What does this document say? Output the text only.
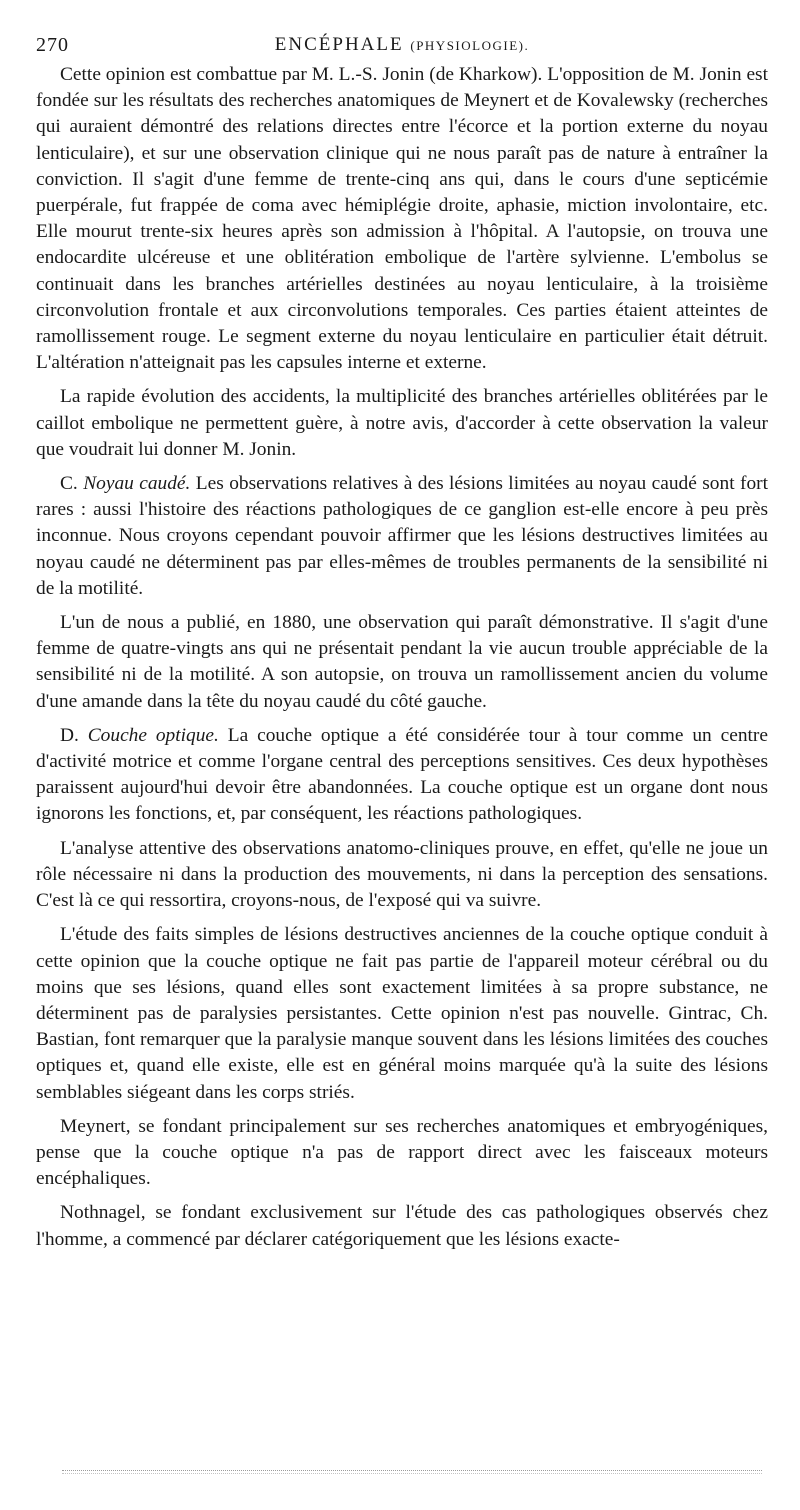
270	ENCÉPHALE (PHYSIOLOGIE).

Cette opinion est combattue par M. L.-S. Jonin (de Kharkow). L'opposition de M. Jonin est fondée sur les résultats des recherches anatomiques de Meynert et de Kovalewsky (recherches qui auraient démontré des relations directes entre l'écorce et la portion externe du noyau lenticulaire), et sur une observation clinique qui ne nous paraît pas de nature à entraîner la conviction. Il s'agit d'une femme de trente-cinq ans qui, dans le cours d'une septicémie puerpérale, fut frappée de coma avec hémiplégie droite, aphasie, miction involontaire, etc. Elle mourut trente-six heures après son admission à l'hôpital. A l'autopsie, on trouva une endocardite ulcéreuse et une oblitération embolique de l'artère sylvienne. L'embolus se continuait dans les branches artérielles destinées au noyau lenticulaire, à la troisième circonvolution frontale et aux circonvolutions temporales. Ces parties étaient atteintes de ramollissement rouge. Le segment externe du noyau lenticulaire en particulier était détruit. L'altération n'atteignait pas les capsules interne et externe.

La rapide évolution des accidents, la multiplicité des branches artérielles oblitérées par le caillot embolique ne permettent guère, à notre avis, d'accorder à cette observation la valeur que voudrait lui donner M. Jonin.

C. Noyau caudé. Les observations relatives à des lésions limitées au noyau caudé sont fort rares : aussi l'histoire des réactions pathologiques de ce ganglion est-elle encore à peu près inconnue. Nous croyons cependant pouvoir affirmer que les lésions destructives limitées au noyau caudé ne déterminent pas par elles-mêmes de troubles permanents de la sensibilité ni de la motilité.

L'un de nous a publié, en 1880, une observation qui paraît démonstrative. Il s'agit d'une femme de quatre-vingts ans qui ne présentait pendant la vie aucun trouble appréciable de la sensibilité ni de la motilité. A son autopsie, on trouva un ramollissement ancien du volume d'une amande dans la tête du noyau caudé du côté gauche.

D. Couche optique. La couche optique a été considérée tour à tour comme un centre d'activité motrice et comme l'organe central des perceptions sensitives. Ces deux hypothèses paraissent aujourd'hui devoir être abandonnées. La couche optique est un organe dont nous ignorons les fonctions, et, par conséquent, les réactions pathologiques.

L'analyse attentive des observations anatomo-cliniques prouve, en effet, qu'elle ne joue un rôle nécessaire ni dans la production des mouvements, ni dans la perception des sensations. C'est là ce qui ressortira, croyons-nous, de l'exposé qui va suivre.

L'étude des faits simples de lésions destructives anciennes de la couche optique conduit à cette opinion que la couche optique ne fait pas partie de l'appareil moteur cérébral ou du moins que ses lésions, quand elles sont exactement limitées à sa propre substance, ne déterminent pas de paralysies persistantes. Cette opinion n'est pas nouvelle. Gintrac, Ch. Bastian, font remarquer que la paralysie manque souvent dans les lésions limitées des couches optiques et, quand elle existe, elle est en général moins marquée qu'à la suite des lésions semblables siégeant dans les corps striés.

Meynert, se fondant principalement sur ses recherches anatomiques et embryogéniques, pense que la couche optique n'a pas de rapport direct avec les faisceaux moteurs encéphaliques.

Nothnagel, se fondant exclusivement sur l'étude des cas pathologiques observés chez l'homme, a commencé par déclarer catégoriquement que les lésions exacte-
